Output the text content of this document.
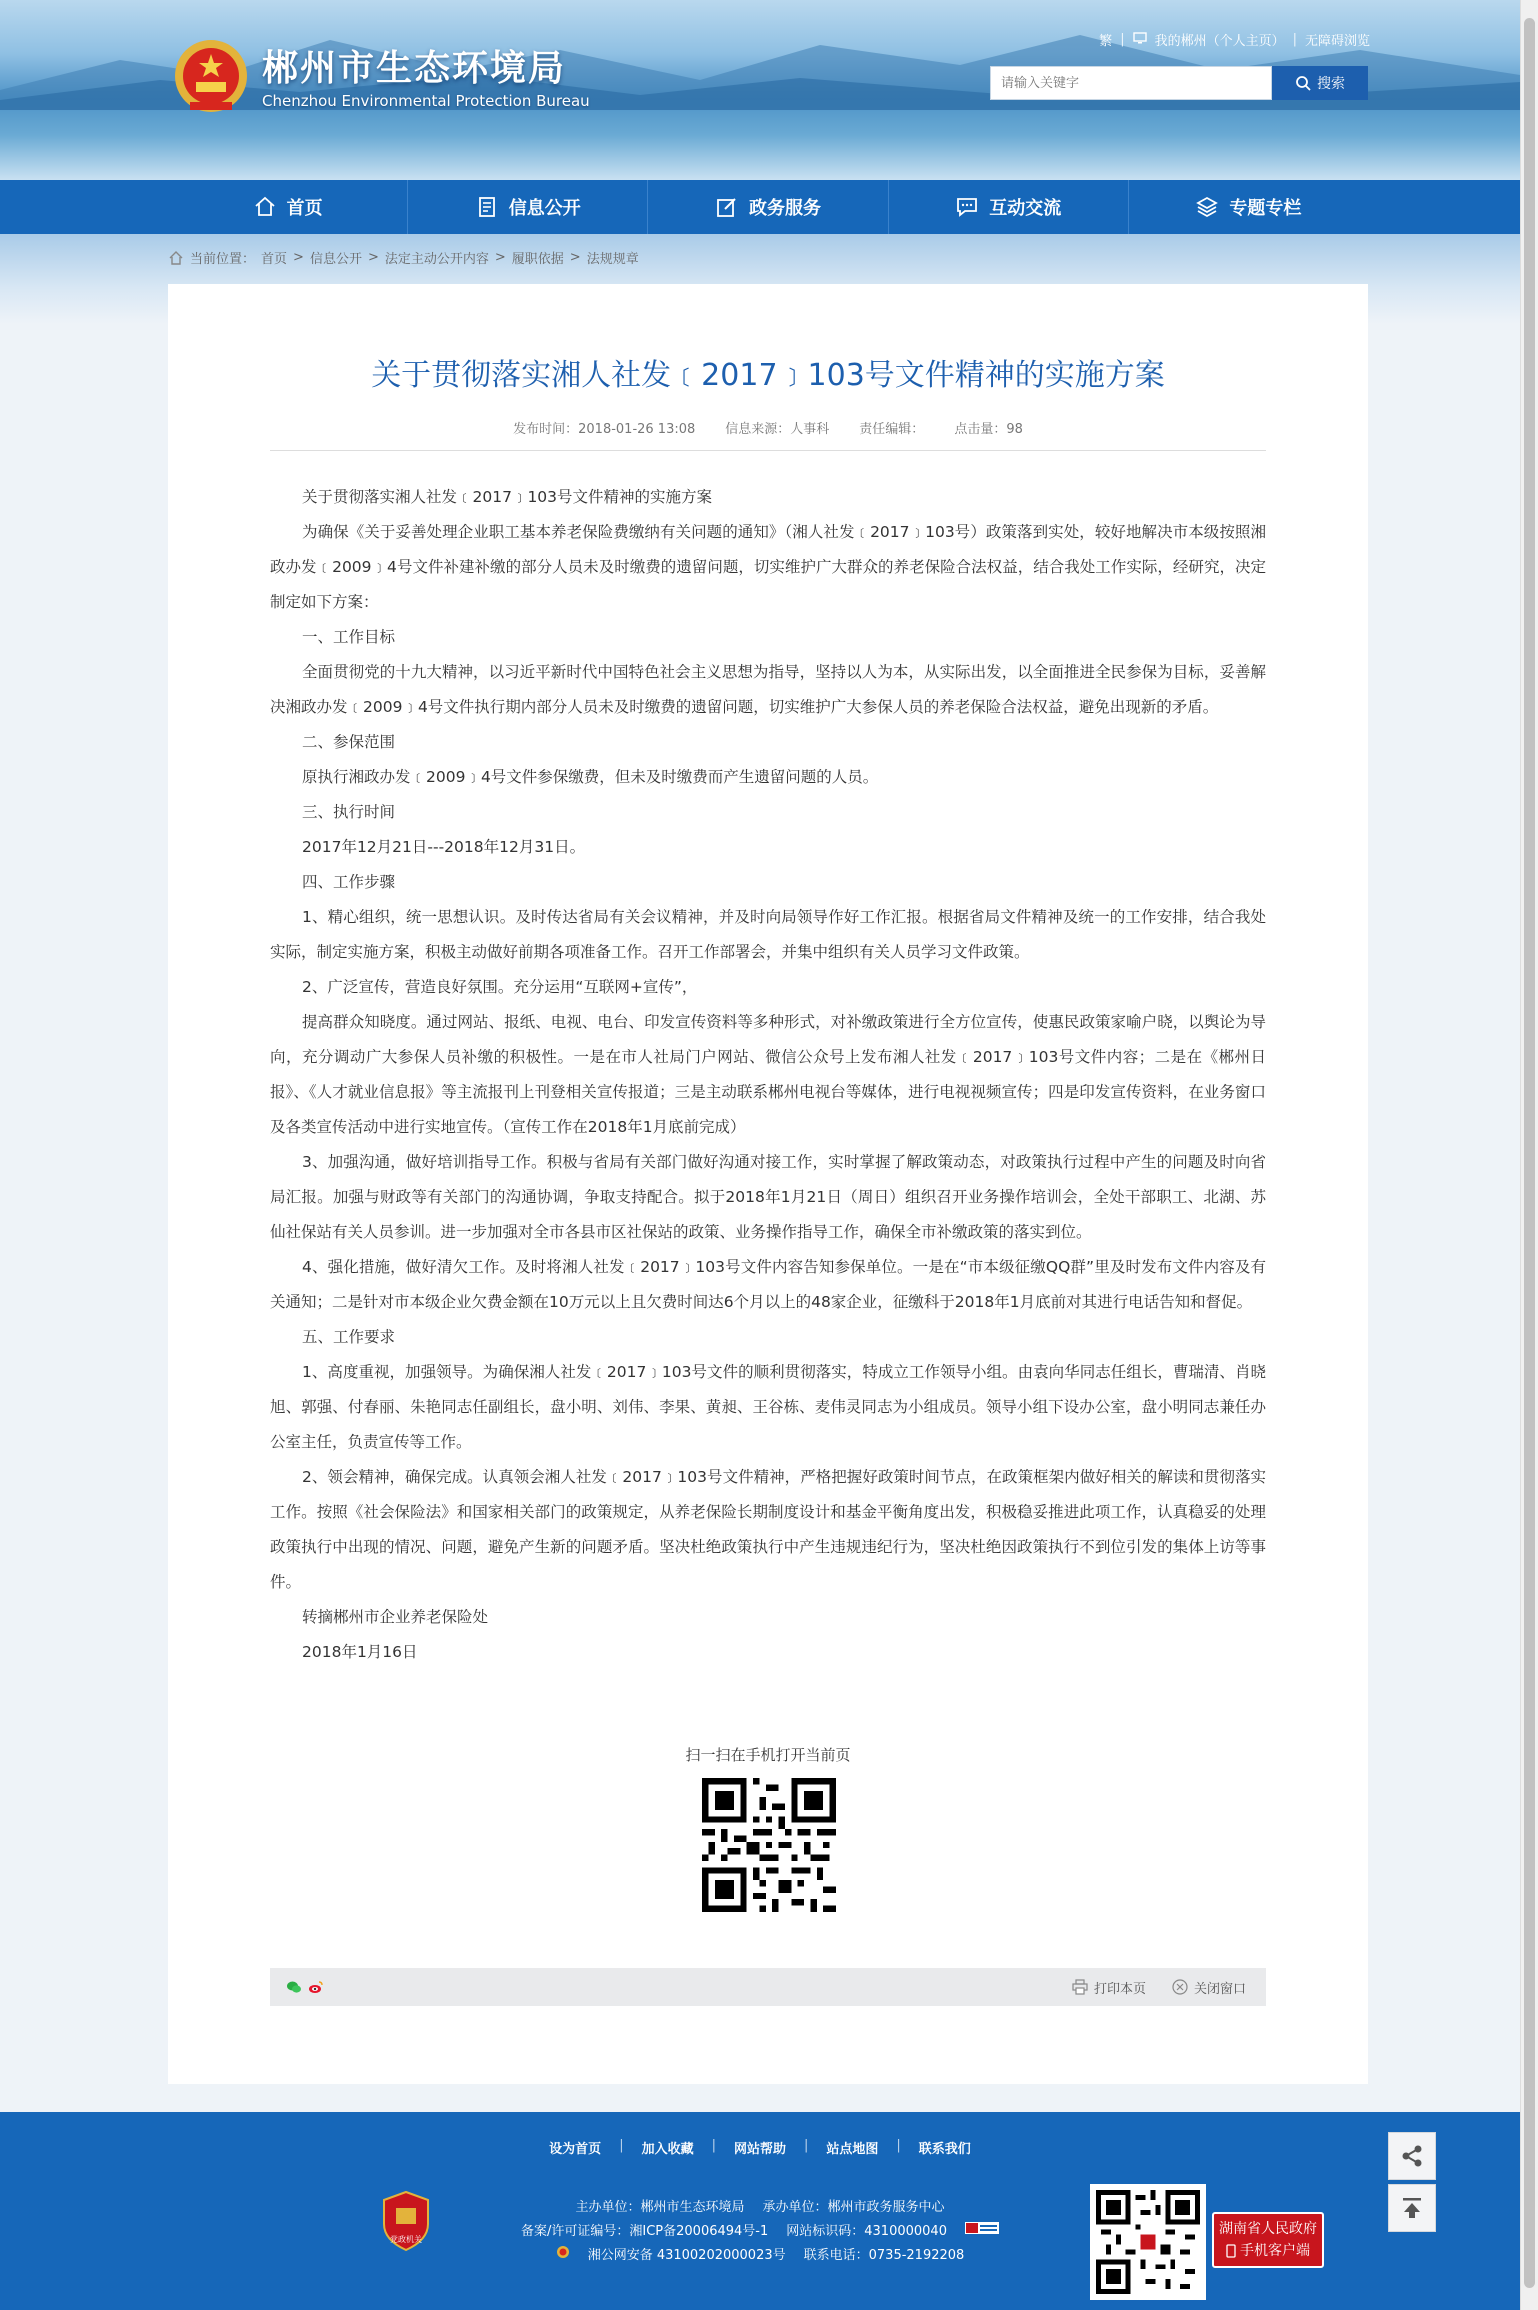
郴州市生态环境局
Chenzhou Environmental Protection Bureau
繁 | 我的郴州（个人主页） | 无障碍浏览
请输入关键字
搜索
首页	信息公开	政务服务	互动交流	专题专栏
当前位置： 首页 > 信息公开 > 法定主动公开内容 > 履职依据 > 法规规章
关于贯彻落实湘人社发﹝2017﹞103号文件精神的实施方案
发布时间：2018-01-26 13:08 信息来源：人事科 责任编辑： 点击量：98

关于贯彻落实湘人社发﹝2017﹞103号文件精神的实施方案

为确保《关于妥善处理企业职工基本养老保险费缴纳有关问题的通知》（湘人社发﹝2017﹞103号）政策落到实处，较好地解决市本级按照湘政办发﹝2009﹞4号文件补建补缴的部分人员未及时缴费的遗留问题，切实维护广大群众的养老保险合法权益，结合我处工作实际，经研究，决定制定如下方案：

一、工作目标

全面贯彻党的十九大精神，以习近平新时代中国特色社会主义思想为指导，坚持以人为本，从实际出发，以全面推进全民参保为目标，妥善解决湘政办发﹝2009﹞4号文件执行期内部分人员未及时缴费的遗留问题，切实维护广大参保人员的养老保险合法权益，避免出现新的矛盾。

二、参保范围

原执行湘政办发﹝2009﹞4号文件参保缴费，但未及时缴费而产生遗留问题的人员。

三、执行时间

2017年12月21日---2018年12月31日。

四、工作步骤

1、精心组织，统一思想认识。及时传达省局有关会议精神，并及时向局领导作好工作汇报。根据省局文件精神及统一的工作安排，结合我处实际，制定实施方案，积极主动做好前期各项准备工作。召开工作部署会，并集中组织有关人员学习文件政策。

2、广泛宣传，营造良好氛围。充分运用“互联网+宣传”，

提高群众知晓度。通过网站、报纸、电视、电台、印发宣传资料等多种形式，对补缴政策进行全方位宣传，使惠民政策家喻户晓，以舆论为导向，充分调动广大参保人员补缴的积极性。一是在市人社局门户网站、微信公众号上发布湘人社发﹝2017﹞103号文件内容；二是在《郴州日报》、《人才就业信息报》等主流报刊上刊登相关宣传报道；三是主动联系郴州电视台等媒体，进行电视视频宣传；四是印发宣传资料，在业务窗口及各类宣传活动中进行实地宣传。（宣传工作在2018年1月底前完成）

3、加强沟通，做好培训指导工作。积极与省局有关部门做好沟通对接工作，实时掌握了解政策动态，对政策执行过程中产生的问题及时向省局汇报。加强与财政等有关部门的沟通协调，争取支持配合。拟于2018年1月21日（周日）组织召开业务操作培训会，全处干部职工、北湖、苏仙社保站有关人员参训。进一步加强对全市各县市区社保站的政策、业务操作指导工作，确保全市补缴政策的落实到位。

4、强化措施，做好清欠工作。及时将湘人社发﹝2017﹞103号文件内容告知参保单位。一是在“市本级征缴QQ群”里及时发布文件内容及有关通知；二是针对市本级企业欠费金额在10万元以上且欠费时间达6个月以上的48家企业，征缴科于2018年1月底前对其进行电话告知和督促。

五、工作要求

1、高度重视，加强领导。为确保湘人社发﹝2017﹞103号文件的顺利贯彻落实，特成立工作领导小组。由袁向华同志任组长，曹瑞清、肖晓旭、郭强、付春丽、朱艳同志任副组长，盘小明、刘伟、李果、黄昶、王谷栋、麦伟灵同志为小组成员。领导小组下设办公室，盘小明同志兼任办公室主任，负责宣传等工作。

2、领会精神，确保完成。认真领会湘人社发﹝2017﹞103号文件精神，严格把握好政策时间节点，在政策框架内做好相关的解读和贯彻落实工作。按照《社会保险法》和国家相关部门的政策规定，从养老保险长期制度设计和基金平衡角度出发，积极稳妥推进此项工作，认真稳妥的处理政策执行中出现的情况、问题，避免产生新的问题矛盾。坚决杜绝政策执行中产生违规违纪行为，坚决杜绝因政策执行不到位引发的集体上访等事件。

转摘郴州市企业养老保险处

2018年1月16日

扫一扫在手机打开当前页
打印本页	关闭窗口
设为首页 | 加入收藏 | 网站帮助 | 站点地图 | 联系我们
主办单位：郴州市生态环境局 承办单位：郴州市政务服务中心
备案/许可证编号：湘ICP备20006494号-1 网站标识码：4310000040
湘公网安备 43100202000023号 联系电话：0735-2192208
党政机关
湖南省人民政府
手机客户端
